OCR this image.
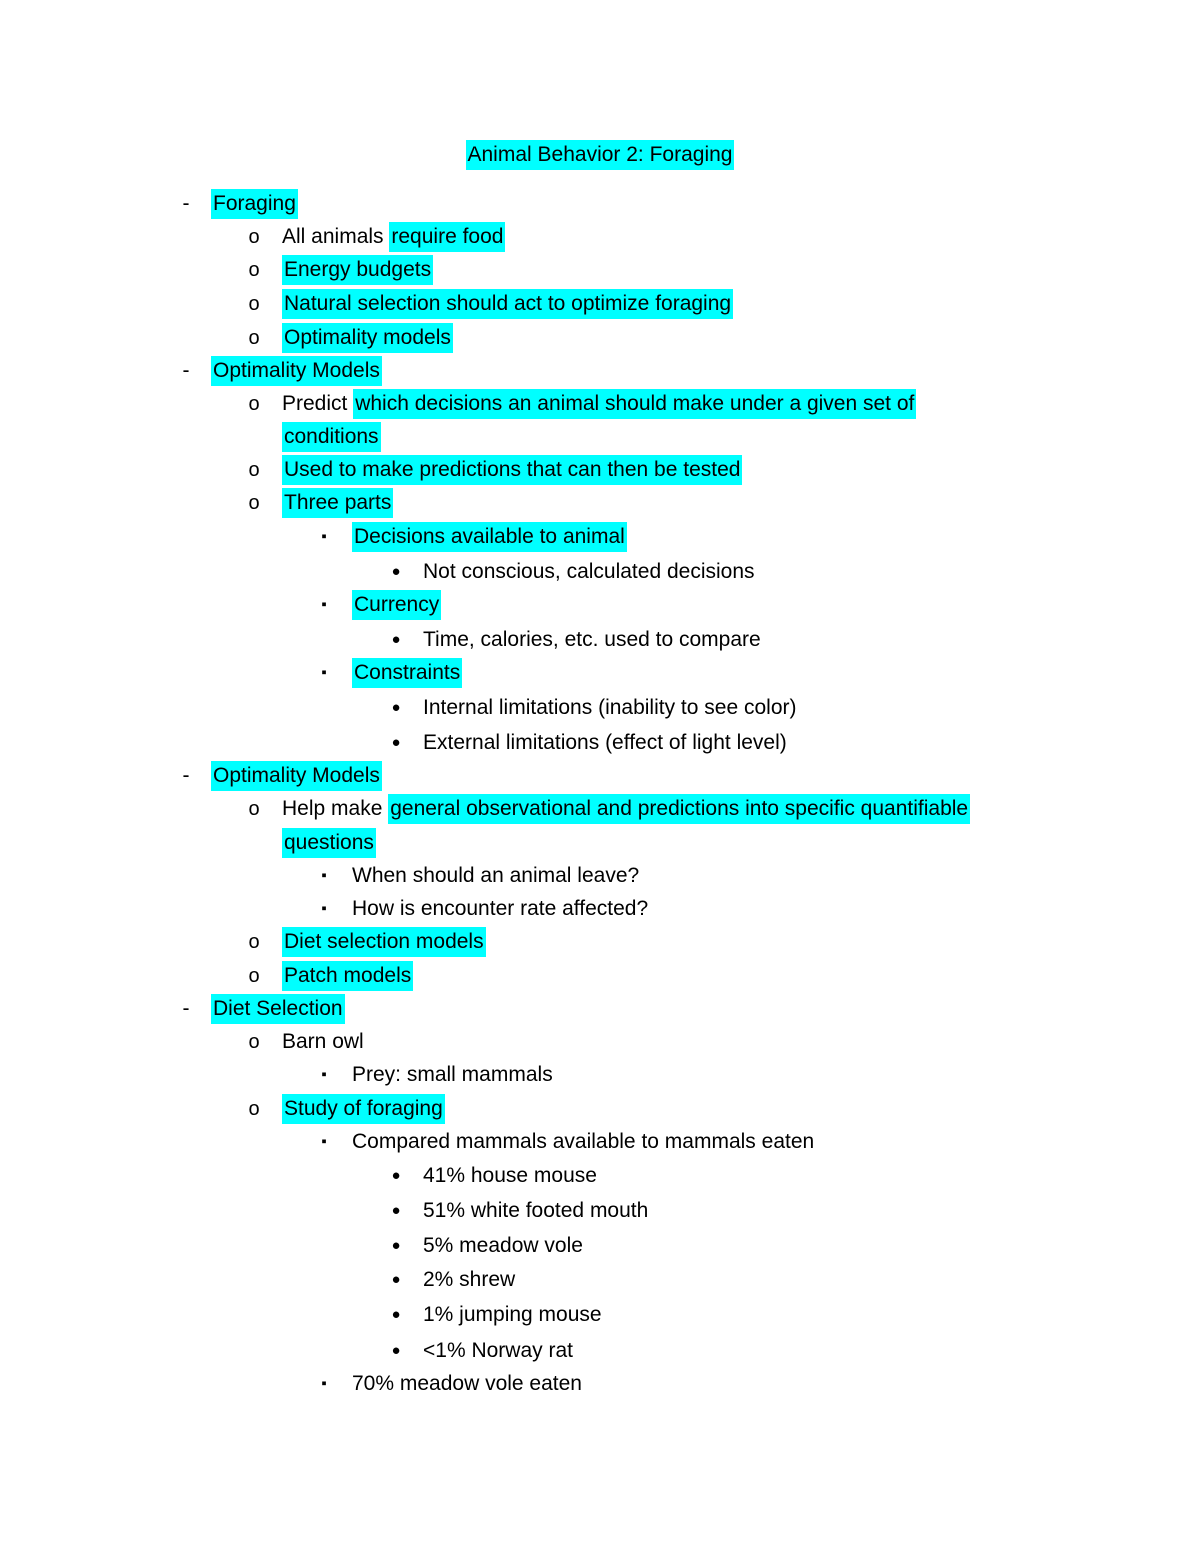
Animal Behavior 2: Foraging
-	Foraging
o	All animals require food
o	Energy budgets
o	Natural selection should act to optimize foraging
o	Optimality models
-	Optimality Models
o	Predict which decisions an animal should make under a given set of
conditions
o	Used to make predictions that can then be tested
o	Three parts
▪	Decisions available to animal
●	Not conscious, calculated decisions
▪	Currency
●	Time, calories, etc. used to compare
▪	Constraints
●	Internal limitations (inability to see color)
●	External limitations (effect of light level)
-	Optimality Models
o	Help make general observational and predictions into specific quantifiable
questions
▪	When should an animal leave?
▪	How is encounter rate affected?
o	Diet selection models
o	Patch models
-	Diet Selection
o	Barn owl
▪	Prey: small mammals
o	Study of foraging
▪	Compared mammals available to mammals eaten
●	41% house mouse
●	51% white footed mouth
●	5% meadow vole
●	2% shrew
●	1% jumping mouse
●	<1% Norway rat
▪	70% meadow vole eaten
